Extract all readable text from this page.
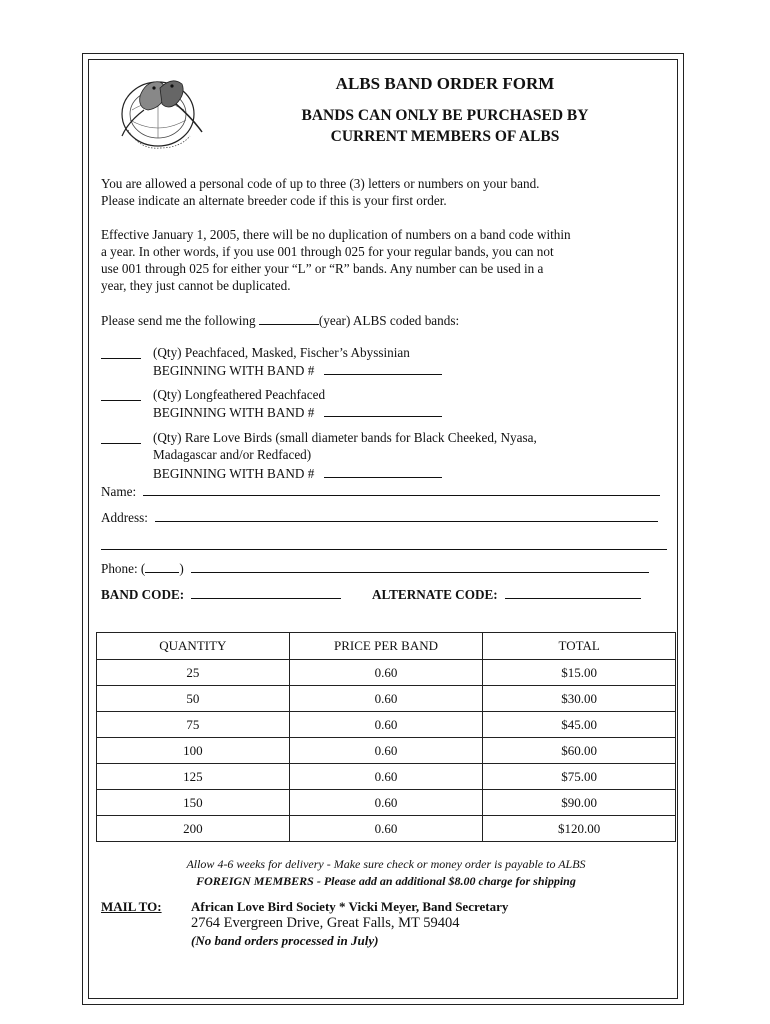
ALBS BAND ORDER FORM
BANDS CAN ONLY BE PURCHASED BY
CURRENT MEMBERS OF ALBS
You are allowed a personal code of up to three (3) letters or numbers on your band.
Please indicate an alternate breeder code if this is your first order.
Effective January 1, 2005, there will be no duplication of numbers on a band code within
a year. In other words, if you use 001 through 025 for your regular bands, you can not
use 001 through 025 for either your “L” or “R” bands. Any number can be used in a
year, they just cannot be duplicated.
Please send me the following	(year) ALBS coded bands:
(Qty) Peachfaced, Masked, Fischer’s Abyssinian
BEGINNING WITH BAND #
(Qty) Longfeathered Peachfaced
BEGINNING WITH BAND #
(Qty) Rare Love Birds (small diameter bands for Black Cheeked, Nyasa,
Madagascar and/or Redfaced)
BEGINNING WITH BAND #
Name:
Address:
Phone: (	)
BAND CODE:	ALTERNATE CODE:
QUANTITY	PRICE PER BAND	TOTAL
25	0.60	$15.00
50	0.60	$30.00
75	0.60	$45.00
100	0.60	$60.00
125	0.60	$75.00
150	0.60	$90.00
200	0.60	$120.00
Allow 4-6 weeks for delivery - Make sure check or money order is payable to ALBS
FOREIGN MEMBERS - Please add an additional $8.00 charge for shipping
MAIL TO: African Love Bird Society * Vicki Meyer, Band Secretary
2764 Evergreen Drive, Great Falls, MT 59404
(No band orders processed in July)
